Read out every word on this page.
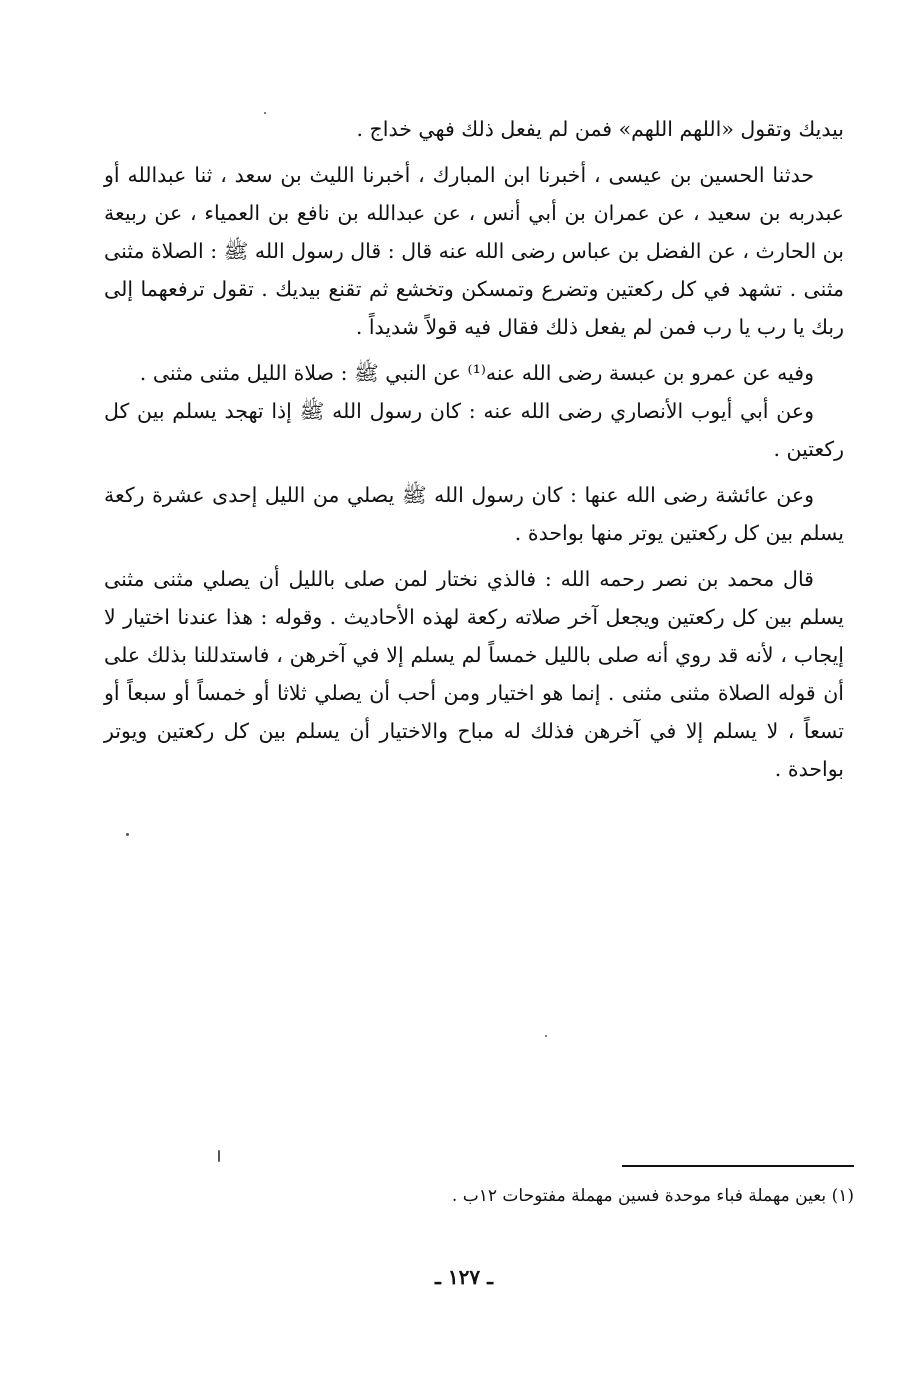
بيديك وتقول «اللهم اللهم» فمن لم يفعل ذلك فهي خداج .

حدثنا الحسين بن عيسى ، أخبرنا ابن المبارك ، أخبرنا الليث بن سعد ، ثنا عبدالله أو عبدربه بن سعيد ، عن عمران بن أبي أنس ، عن عبدالله بن نافع بن العمياء ، عن ربيعة بن الحارث ، عن الفضل بن عباس رضى الله عنه قال : قال رسول الله ﷺ : الصلاة مثنى مثنى . تشهد في كل ركعتين وتضرع وتمسكن وتخشع ثم تقنع بيديك . تقول ترفعهما إلى ربك يا رب يا رب فمن لم يفعل ذلك فقال فيه قولاً شديداً .

وفيه عن عمرو بن عبسة رضى الله عنه⁽¹⁾ عن النبي ﷺ : صلاة الليل مثنى مثنى .

وعن أبي أيوب الأنصاري رضى الله عنه : كان رسول الله ﷺ إذا تهجد يسلم بين كل ركعتين .

وعن عائشة رضى الله عنها : كان رسول الله ﷺ يصلي من الليل إحدى عشرة ركعة يسلم بين كل ركعتين يوتر منها بواحدة .

قال محمد بن نصر رحمه الله : فالذي نختار لمن صلى بالليل أن يصلي مثنى مثنى يسلم بين كل ركعتين ويجعل آخر صلاته ركعة لهذه الأحاديث . وقوله : هذا عندنا اختيار لا إيجاب ، لأنه قد روي أنه صلى بالليل خمساً لم يسلم إلا في آخرهن ، فاستدللنا بذلك على أن قوله الصلاة مثنى مثنى . إنما هو اختيار ومن أحب أن يصلي ثلاثا أو خمساً أو سبعاً أو تسعاً ، لا يسلم إلا في آخرهن فذلك له مباح والاختيار أن يسلم بين كل ركعتين ويوتر بواحدة .

(١) بعين مهملة فباء موحدة فسين مهملة مفتوحات ١٢ب .
ـ ١٢٧ ـ
